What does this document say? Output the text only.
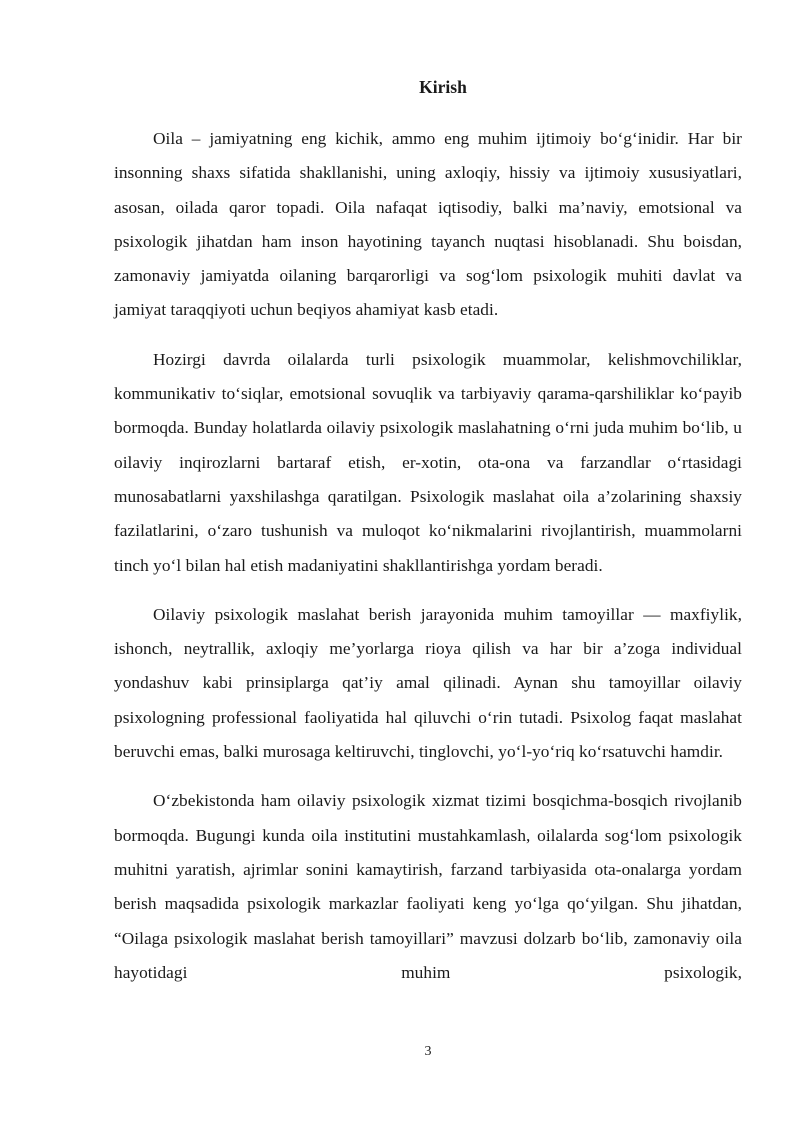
Kirish

Oila – jamiyatning eng kichik, ammo eng muhim ijtimoiy bo‘g‘inidir. Har bir insonning shaxs sifatida shakllanishi, uning axloqiy, hissiy va ijtimoiy xususiyatlari, asosan, oilada qaror topadi. Oila nafaqat iqtisodiy, balki ma’naviy, emotsional va psixologik jihatdan ham inson hayotining tayanch nuqtasi hisoblanadi. Shu boisdan, zamonaviy jamiyatda oilaning barqarorligi va sog‘lom psixologik muhiti davlat va jamiyat taraqqiyoti uchun beqiyos ahamiyat kasb etadi.

Hozirgi davrda oilalarda turli psixologik muammolar, kelishmovchiliklar, kommunikativ to‘siqlar, emotsional sovuqlik va tarbiyaviy qarama-qarshiliklar ko‘payib bormoqda. Bunday holatlarda oilaviy psixologik maslahatning o‘rni juda muhim bo‘lib, u oilaviy inqirozlarni bartaraf etish, er-xotin, ota-ona va farzandlar o‘rtasidagi munosabatlarni yaxshilashga qaratilgan. Psixologik maslahat oila a’zolarining shaxsiy fazilatlarini, o‘zaro tushunish va muloqot ko‘nikmalarini rivojlantirish, muammolarni tinch yo‘l bilan hal etish madaniyatini shakllantirishga yordam beradi.

Oilaviy psixologik maslahat berish jarayonida muhim tamoyillar — maxfiylik, ishonch, neytrallik, axloqiy me’yorlarga rioya qilish va har bir a’zoga individual yondashuv kabi prinsiplarga qat’iy amal qilinadi. Aynan shu tamoyillar oilaviy psixologning professional faoliyatida hal qiluvchi o‘rin tutadi. Psixolog faqat maslahat beruvchi emas, balki murosaga keltiruvchi, tinglovchi, yo‘l-yo‘riq ko‘rsatuvchi hamdir.

O‘zbekistonda ham oilaviy psixologik xizmat tizimi bosqichma-bosqich rivojlanib bormoqda. Bugungi kunda oila institutini mustahkamlash, oilalarda sog‘lom psixologik muhitni yaratish, ajrimlar sonini kamaytirish, farzand tarbiyasida ota-onalarga yordam berish maqsadida psixologik markazlar faoliyati keng yo‘lga qo‘yilgan. Shu jihatdan, “Oilaga psixologik maslahat berish tamoyillari” mavzusi dolzarb bo‘lib, zamonaviy oila hayotidagi muhim psixologik,

3
